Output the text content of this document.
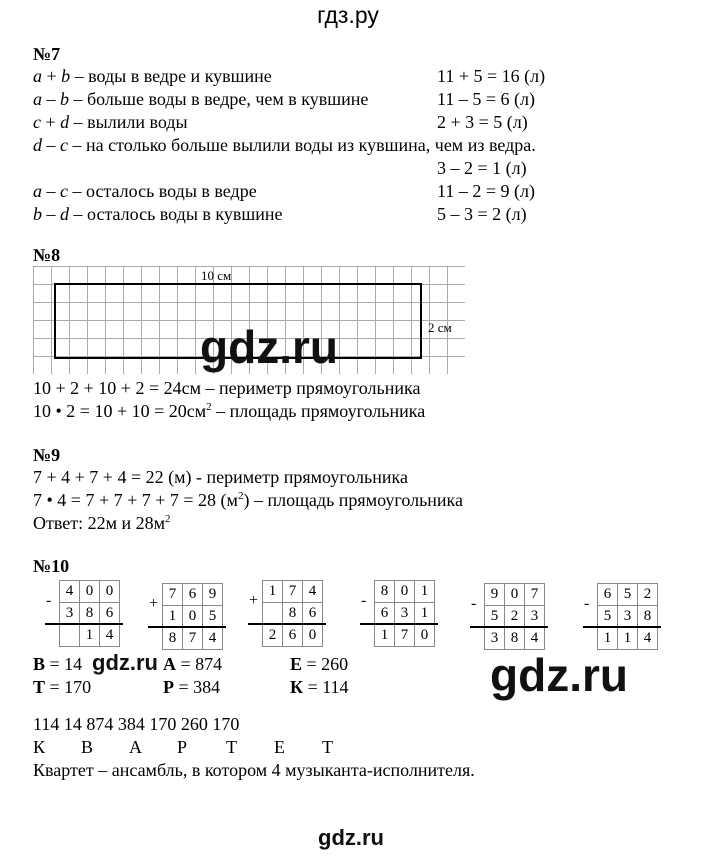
гдз.ру
№7
a + b – воды в ведре и кувшине	11 + 5 = 16 (л)
a – b – больше воды в ведре, чем в кувшине	11 – 5 = 6 (л)
c + d – вылили воды	2 + 3 = 5 (л)
d – c – на столько больше вылили воды из кувшина, чем из ведра.
3 – 2 = 1 (л)
a – c – осталось воды в ведре	11 – 2 = 9 (л)
b – d – осталось воды в кувшине	5 – 3 = 2 (л)
№8
10 см
2 см
10 + 2 + 10 + 2 = 24см – периметр прямоугольника
10 • $2 = 10 + 10 = 20см^2$ – площадь прямоугольника
№9
7 + 4 + 7 + 4 = 22 (м) - периметр прямоугольника
7 • 4 = 7 + 7 + 7 + 7 = 28 $(м^2)$ – площадь прямоугольника
Ответ: 22м и $28м^2$
№10
-
4	0	0
3	8	6
	1	4
+
7	6	9
1	0	5
8	7	4
+
1	7	4
	8	6
2	6	0
-
8	0	1
6	3	1
1	7	0
-
9	0	7
5	2	3
3	8	4
-
6	5	2
5	3	8
1	1	4
В = 14	А = 874	Е = 260
Т = 170	Р = 384	К = 114
114 14 874 384 170 260 170
К В А Р Т Е Т
Квартет – ансамбль, в котором 4 музыканта-исполнителя.
gdz.ru
gdz.ru	gdz.ru
gdz.ru
